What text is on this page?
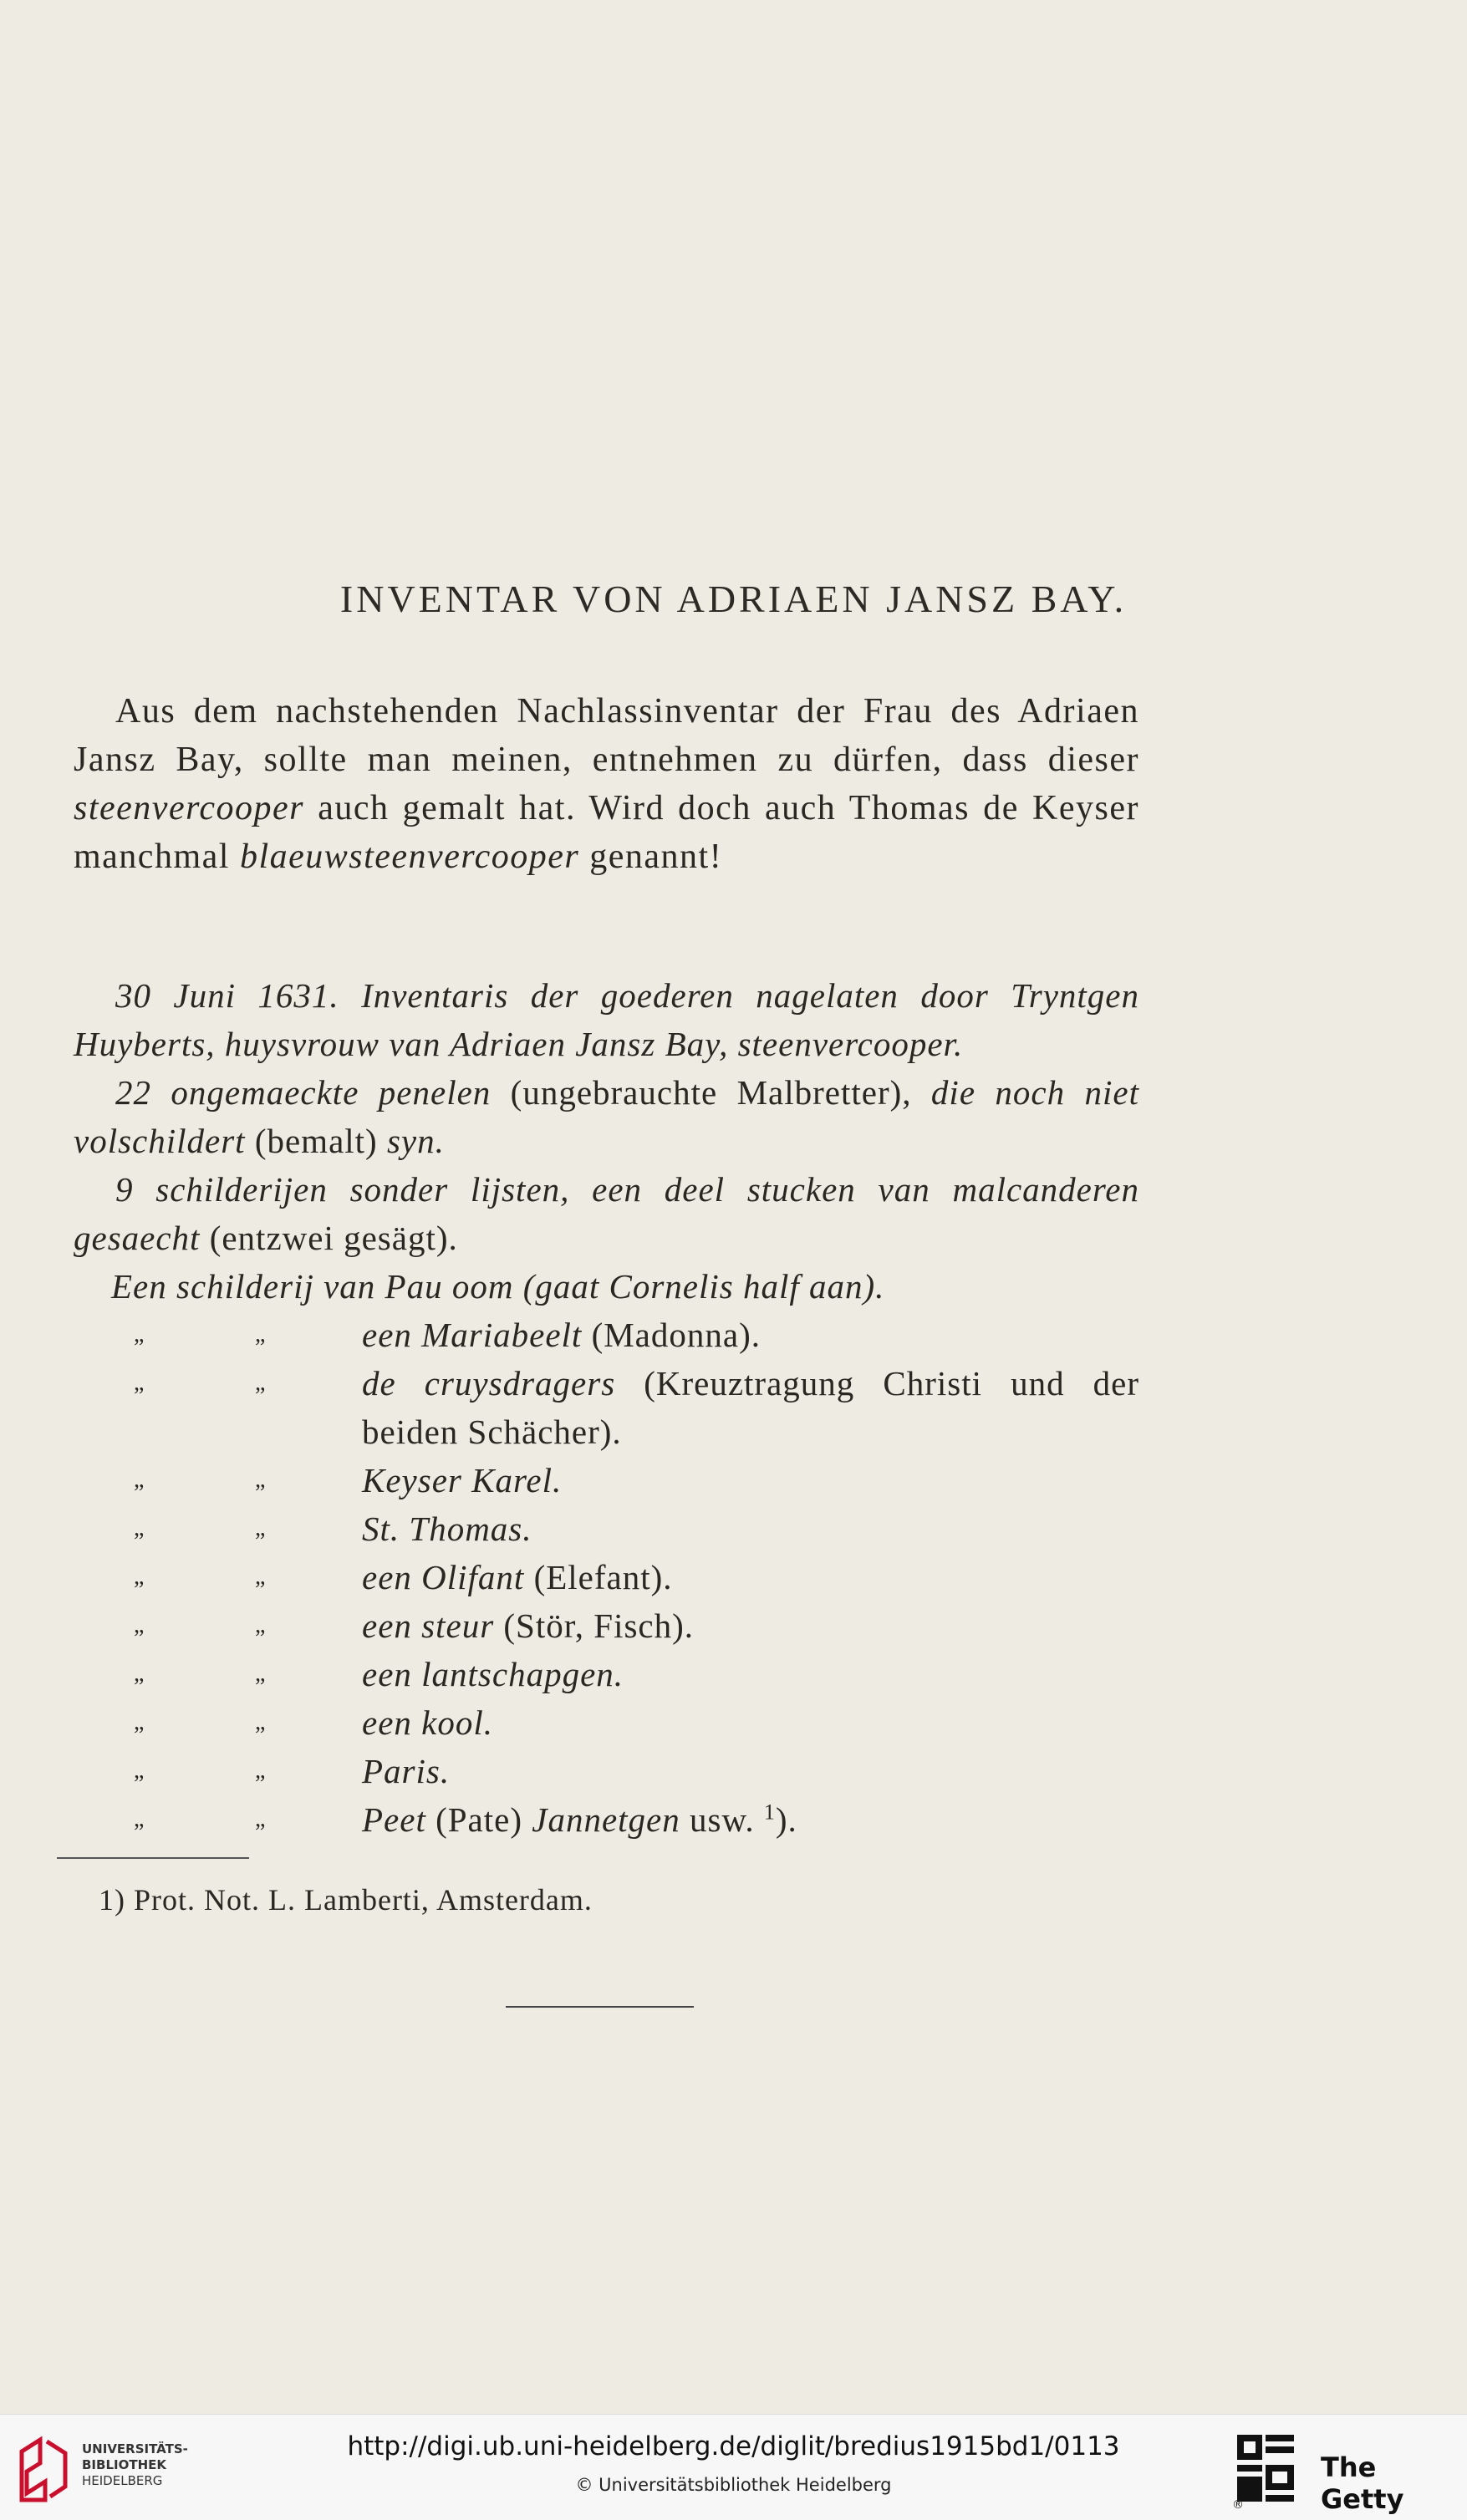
INVENTAR VON ADRIAEN JANSZ BAY.

Aus dem nachstehenden Nachlassinventar der Frau des Adriaen Jansz Bay, sollte man meinen, entnehmen zu dürfen, dass dieser steenvercooper auch gemalt hat. Wird doch auch Thomas de Keyser manchmal blaeuwsteenvercooper genannt!

30 Juni 1631. Inventaris der goederen nagelaten door Tryntgen Huyberts, huysvrouw van Adriaen Jansz Bay, steenvercooper.

22 ongemaeckte penelen (ungebrauchte Malbretter), die noch niet volschildert (bemalt) syn.

9 schilderijen sonder lijsten, een deel stucken van malcanderen gesaecht (entzwei gesägt).

Een schilderij van Pau oom (gaat Cornelis half aan).
„	„	een Mariabeelt (Madonna).
„	„	de cruysdragers (Kreuztragung Christi und der beiden Schächer).
„	„	Keyser Karel.
„	„	St. Thomas.
„	„	een Olifant (Elefant).
„	„	een steur (Stör, Fisch).
„	„	een lantschapgen.
„	„	een kool.
„	„	Paris.
„	„	Peet (Pate) Jannetgen usw. $^1$).
1) Prot. Not. L. Lamberti, Amsterdam.
UNIVERSITÄTS-
BIBLIOTHEK
HEIDELBERG
http://digi.ub.uni-heidelberg.de/diglit/bredius1915bd1/0113
© Universitätsbibliothek Heidelberg
®
The Getty
